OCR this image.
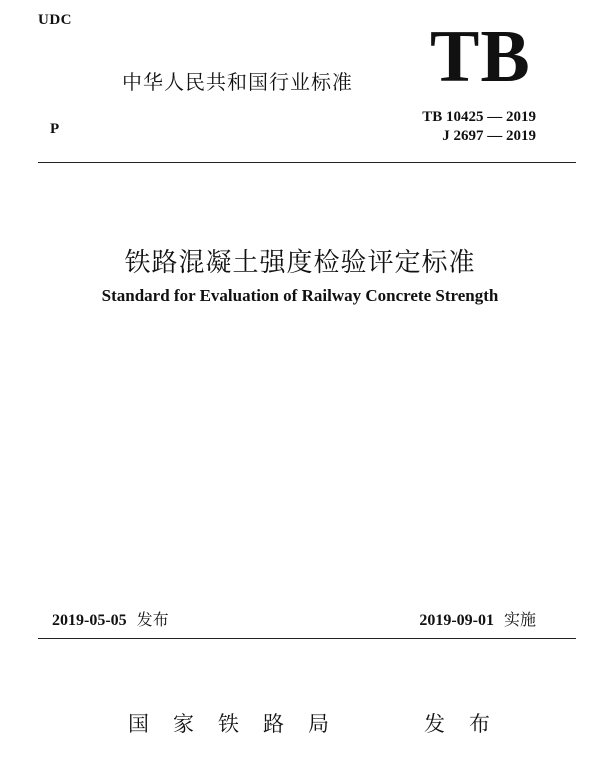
UDC
中华人民共和国行业标准 TB
P
TB 10425 — 2019
J 2697 — 2019
铁路混凝土强度检验评定标准
Standard for Evaluation of Railway Concrete Strength
2019-05-05 发布	2019-09-01 实施
国家铁路局	发布
